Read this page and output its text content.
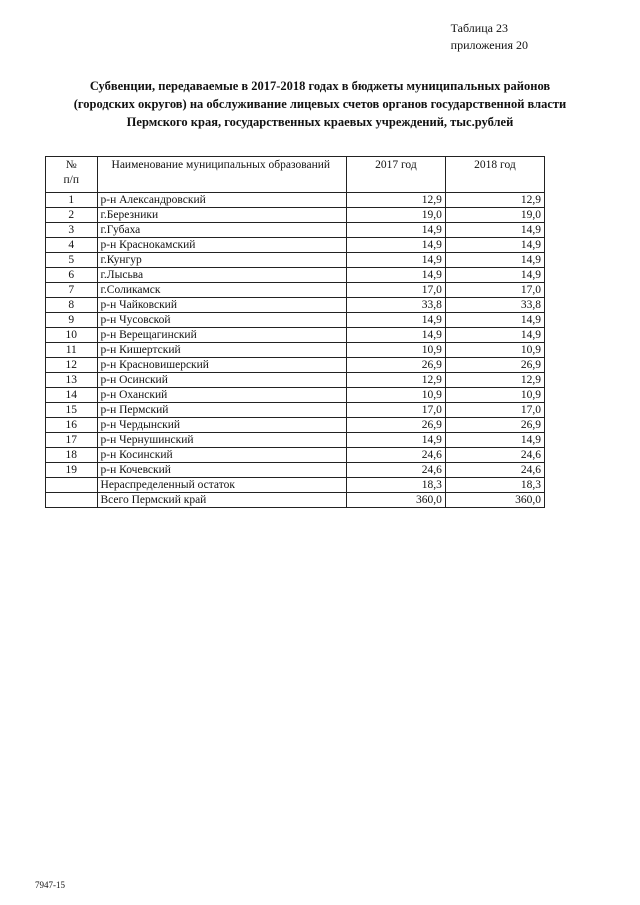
Таблица 23
приложения 20
Субвенции, передаваемые в 2017-2018 годах в бюджеты муниципальных районов
(городских округов) на обслуживание лицевых счетов органов государственной власти
Пермского края, государственных краевых учреждений, тыс.рублей
№
п/п	Наименование муниципальных образований	2017 год	2018 год
1	р-н Александровский	12,9	12,9
2	г.Березники	19,0	19,0
3	г.Губаха	14,9	14,9
4	р-н Краснокамский	14,9	14,9
5	г.Кунгур	14,9	14,9
6	г.Лысьва	14,9	14,9
7	г.Соликамск	17,0	17,0
8	р-н Чайковский	33,8	33,8
9	р-н Чусовской	14,9	14,9
10	р-н Верещагинский	14,9	14,9
11	р-н Кишертский	10,9	10,9
12	р-н Красновишерский	26,9	26,9
13	р-н Осинский	12,9	12,9
14	р-н Оханский	10,9	10,9
15	р-н Пермский	17,0	17,0
16	р-н Чердынский	26,9	26,9
17	р-н Чернушинский	14,9	14,9
18	р-н Косинский	24,6	24,6
19	р-н Кочевский	24,6	24,6
	Нераспределенный остаток	18,3	18,3
	Всего Пермский край	360,0	360,0
7947-15
